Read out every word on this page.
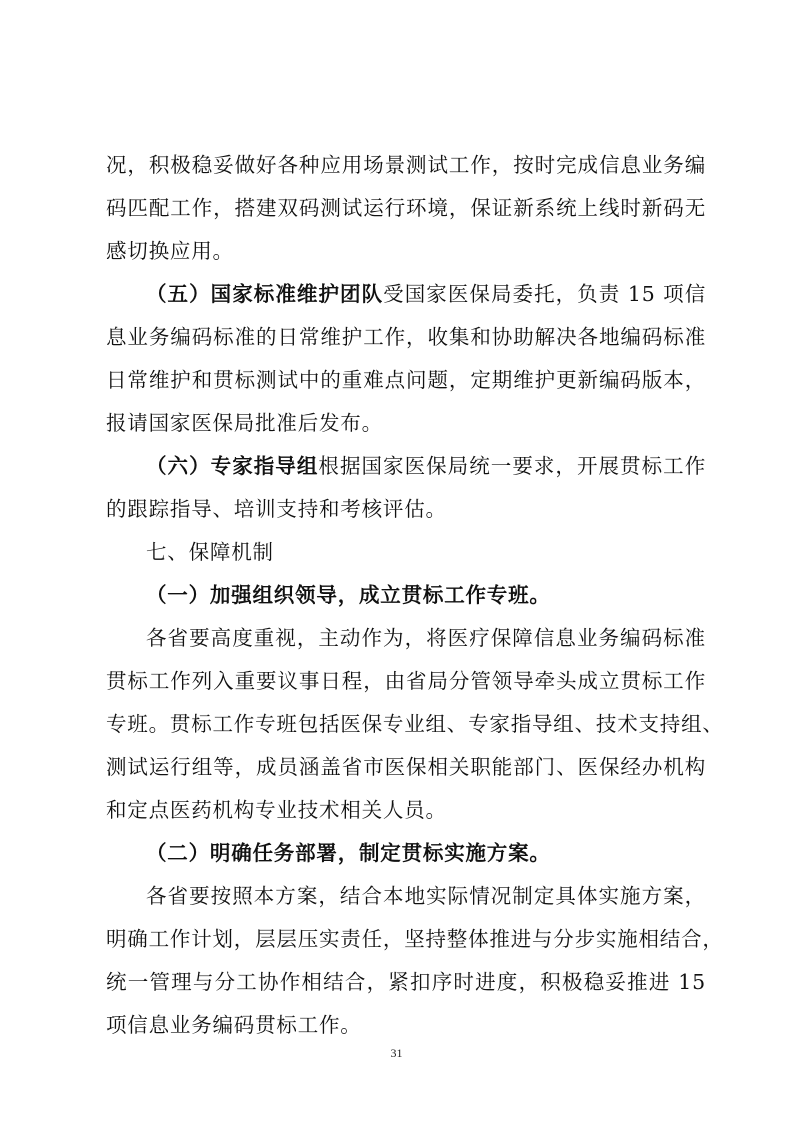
况，积极稳妥做好各种应用场景测试工作，按时完成信息业务编
码匹配工作，搭建双码测试运行环境，保证新系统上线时新码无
感切换应用。
（五）国家标准维护团队受国家医保局委托，负责 15 项信
息业务编码标准的日常维护工作，收集和协助解决各地编码标准
日常维护和贯标测试中的重难点问题，定期维护更新编码版本，
报请国家医保局批准后发布。
（六）专家指导组根据国家医保局统一要求，开展贯标工作
的跟踪指导、培训支持和考核评估。
七、保障机制
（一）加强组织领导，成立贯标工作专班。
各省要高度重视，主动作为，将医疗保障信息业务编码标准
贯标工作列入重要议事日程，由省局分管领导牵头成立贯标工作
专班。贯标工作专班包括医保专业组、专家指导组、技术支持组、
测试运行组等，成员涵盖省市医保相关职能部门、医保经办机构
和定点医药机构专业技术相关人员。
（二）明确任务部署，制定贯标实施方案。
各省要按照本方案，结合本地实际情况制定具体实施方案，
明确工作计划，层层压实责任，坚持整体推进与分步实施相结合，
统一管理与分工协作相结合，紧扣序时进度，积极稳妥推进 15
项信息业务编码贯标工作。
31
